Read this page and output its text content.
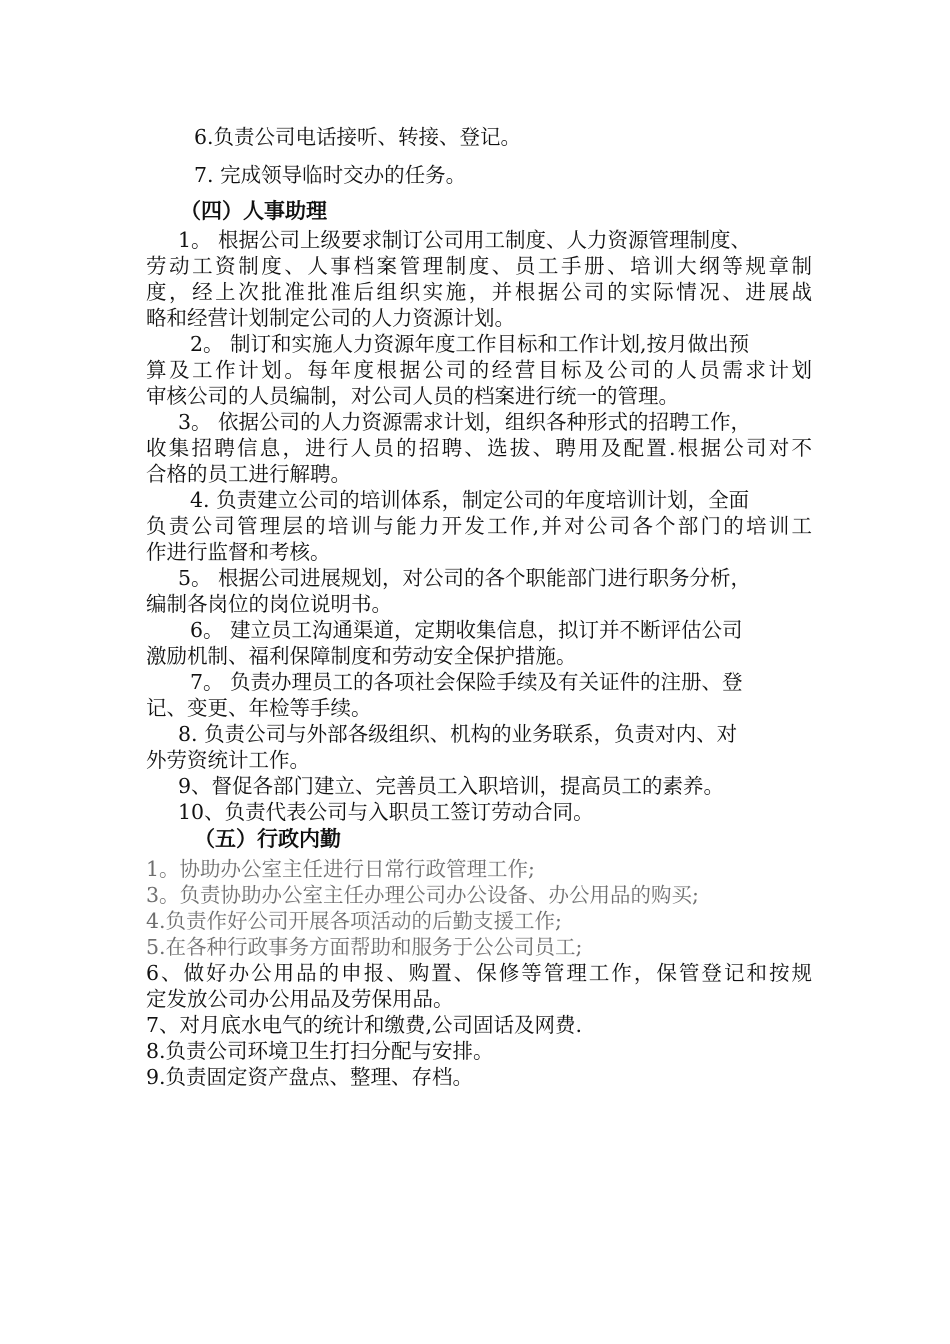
6.负责公司电话接听、转接、登记。
7. 完成领导临时交办的任务。
（四）人事助理
1。 根据公司上级要求制订公司用工制度、人力资源管理制度、
劳动工资制度、人事档案管理制度、员工手册、培训大纲等规章制
度，经上次批准批准后组织实施，并根据公司的实际情况、进展战
略和经营计划制定公司的人力资源计划。
2。 制订和实施人力资源年度工作目标和工作计划,按月做出预
算及工作计划。每年度根据公司的经营目标及公司的人员需求计划
审核公司的人员编制，对公司人员的档案进行统一的管理。
3。 依据公司的人力资源需求计划，组织各种形式的招聘工作，
收集招聘信息，进行人员的招聘、选拔、聘用及配置.根据公司对不
合格的员工进行解聘。
4. 负责建立公司的培训体系，制定公司的年度培训计划，全面
负责公司管理层的培训与能力开发工作,并对公司各个部门的培训工
作进行监督和考核。
5。 根据公司进展规划，对公司的各个职能部门进行职务分析，
编制各岗位的岗位说明书。
6。 建立员工沟通渠道，定期收集信息，拟订并不断评估公司
激励机制、福利保障制度和劳动安全保护措施。
7。 负责办理员工的各项社会保险手续及有关证件的注册、登
记、变更、年检等手续。
8. 负责公司与外部各级组织、机构的业务联系，负责对内、对
外劳资统计工作。
9、督促各部门建立、完善员工入职培训，提高员工的素养。
10、负责代表公司与入职员工签订劳动合同。
（五）行政内勤
1。协助办公室主任进行日常行政管理工作;
3。负责协助办公室主任办理公司办公设备、办公用品的购买;
4.负责作好公司开展各项活动的后勤支援工作;
5.在各种行政事务方面帮助和服务于公公司员工;
6、做好办公用品的申报、购置、保修等管理工作，保管登记和按规
定发放公司办公用品及劳保用品。
7、对月底水电气的统计和缴费,公司固话及网费.
8.负责公司环境卫生打扫分配与安排。
9.负责固定资产盘点、整理、存档。
